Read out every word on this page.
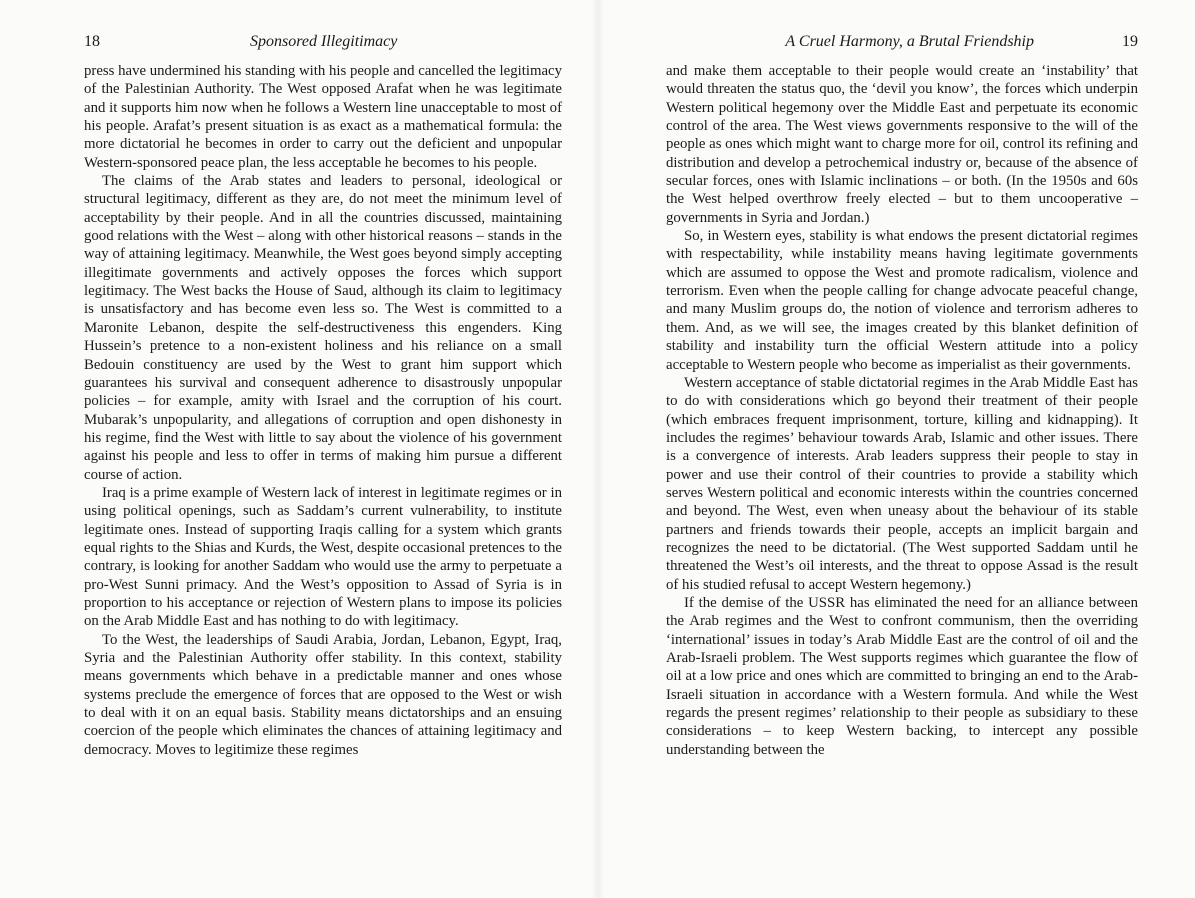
18	Sponsored Illegitimacy

press have undermined his standing with his people and cancelled the legitimacy of the Palestinian Authority. The West opposed Arafat when he was legitimate and it supports him now when he follows a Western line unacceptable to most of his people. Arafat’s present situation is as exact as a mathematical formula: the more dictatorial he becomes in order to carry out the deficient and unpopular Western-sponsored peace plan, the less acceptable he becomes to his people.

The claims of the Arab states and leaders to personal, ideological or structural legitimacy, different as they are, do not meet the minimum level of acceptability by their people. And in all the countries discussed, maintaining good relations with the West – along with other historical reasons – stands in the way of attaining legitimacy. Meanwhile, the West goes beyond simply accepting illegitimate governments and actively opposes the forces which support legitimacy. The West backs the House of Saud, although its claim to legitimacy is unsatisfactory and has become even less so. The West is committed to a Maronite Lebanon, despite the self-destructiveness this engenders. King Hussein’s pretence to a non-existent holiness and his reliance on a small Bedouin constituency are used by the West to grant him support which guarantees his survival and consequent adherence to disastrously unpopular policies – for example, amity with Israel and the corruption of his court. Mubarak’s unpopularity, and allegations of corruption and open dishonesty in his regime, find the West with little to say about the violence of his government against his people and less to offer in terms of making him pursue a different course of action.

Iraq is a prime example of Western lack of interest in legitimate regimes or in using political openings, such as Saddam’s current vulnerability, to institute legitimate ones. Instead of supporting Iraqis calling for a system which grants equal rights to the Shias and Kurds, the West, despite occasional pretences to the contrary, is looking for another Saddam who would use the army to perpetuate a pro-West Sunni primacy. And the West’s opposition to Assad of Syria is in proportion to his acceptance or rejection of Western plans to impose its policies on the Arab Middle East and has nothing to do with legitimacy.

To the West, the leaderships of Saudi Arabia, Jordan, Lebanon, Egypt, Iraq, Syria and the Palestinian Authority offer stability. In this context, stability means governments which behave in a predictable manner and ones whose systems preclude the emergence of forces that are opposed to the West or wish to deal with it on an equal basis. Stability means dictatorships and an ensuing coercion of the people which eliminates the chances of attaining legitimacy and democracy. Moves to legitimize these regimes

A Cruel Harmony, a Brutal Friendship	19

and make them acceptable to their people would create an ‘instability’ that would threaten the status quo, the ‘devil you know’, the forces which underpin Western political hegemony over the Middle East and perpetuate its economic control of the area. The West views governments responsive to the will of the people as ones which might want to charge more for oil, control its refining and distribution and develop a petrochemical industry or, because of the absence of secular forces, ones with Islamic inclinations – or both. (In the 1950s and 60s the West helped overthrow freely elected – but to them uncooperative – governments in Syria and Jordan.)

So, in Western eyes, stability is what endows the present dictatorial regimes with respectability, while instability means having legitimate governments which are assumed to oppose the West and promote radicalism, violence and terrorism. Even when the people calling for change advocate peaceful change, and many Muslim groups do, the notion of violence and terrorism adheres to them. And, as we will see, the images created by this blanket definition of stability and instability turn the official Western attitude into a policy acceptable to Western people who become as imperialist as their governments.

Western acceptance of stable dictatorial regimes in the Arab Middle East has to do with considerations which go beyond their treatment of their people (which embraces frequent imprisonment, torture, killing and kidnapping). It includes the regimes’ behaviour towards Arab, Islamic and other issues. There is a convergence of interests. Arab leaders suppress their people to stay in power and use their control of their countries to provide a stability which serves Western political and economic interests within the countries concerned and beyond. The West, even when uneasy about the behaviour of its stable partners and friends towards their people, accepts an implicit bargain and recognizes the need to be dictatorial. (The West supported Saddam until he threatened the West’s oil interests, and the threat to oppose Assad is the result of his studied refusal to accept Western hegemony.)

If the demise of the USSR has eliminated the need for an alliance between the Arab regimes and the West to confront communism, then the overriding ‘international’ issues in today’s Arab Middle East are the control of oil and the Arab-Israeli problem. The West supports regimes which guarantee the flow of oil at a low price and ones which are committed to bringing an end to the Arab-Israeli situation in accordance with a Western formula. And while the West regards the present regimes’ relationship to their people as subsidiary to these considerations – to keep Western backing, to intercept any possible understanding between the
